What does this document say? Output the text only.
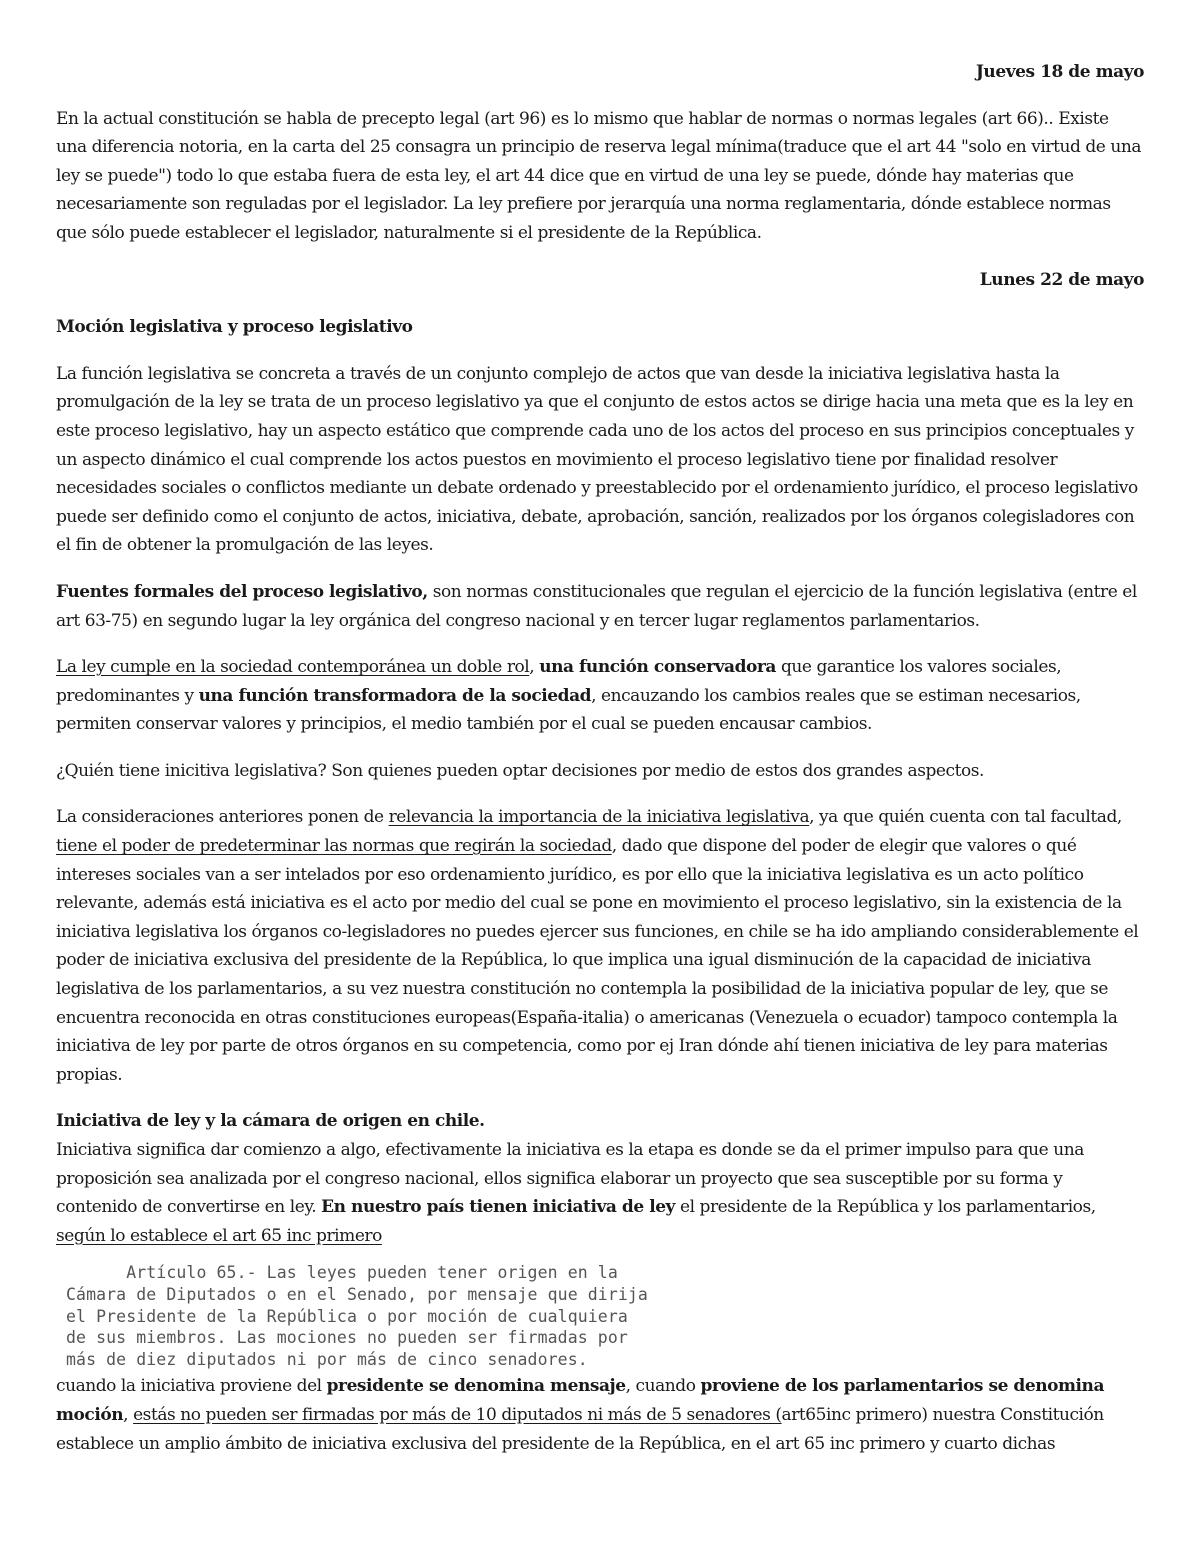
Jueves 18 de mayo

En la actual constitución se habla de precepto legal (art 96) es lo mismo que hablar de normas o normas legales (art 66).. Existe una diferencia notoria, en la carta del 25 consagra un principio de reserva legal mínima(traduce que el art 44 "solo en virtud de una ley se puede") todo lo que estaba fuera de esta ley, el art 44 dice que en virtud de una ley se puede, dónde hay materias que necesariamente son reguladas por el legislador. La ley prefiere por jerarquía una norma reglamentaria, dónde establece normas que sólo puede establecer el legislador, naturalmente si el presidente de la República.

Lunes 22 de mayo

Moción legislativa y proceso legislativo

La función legislativa se concreta a través de un conjunto complejo de actos que van desde la iniciativa legislativa hasta la promulgación de la ley se trata de un proceso legislativo ya que el conjunto de estos actos se dirige hacia una meta que es la ley en este proceso legislativo, hay un aspecto estático que comprende cada uno de los actos del proceso en sus principios conceptuales y un aspecto dinámico el cual comprende los actos puestos en movimiento el proceso legislativo tiene por finalidad resolver necesidades sociales o conflictos mediante un debate ordenado y preestablecido por el ordenamiento jurídico, el proceso legislativo puede ser definido como el conjunto de actos, iniciativa, debate, aprobación, sanción, realizados por los órganos colegisladores con el fin de obtener la promulgación de las leyes.

Fuentes formales del proceso legislativo, son normas constitucionales que regulan el ejercicio de la función legislativa (entre el art 63-75) en segundo lugar la ley orgánica del congreso nacional y en tercer lugar reglamentos parlamentarios.

La ley cumple en la sociedad contemporánea un doble rol, una función conservadora que garantice los valores sociales, predominantes y una función transformadora de la sociedad, encauzando los cambios reales que se estiman necesarios, permiten conservar valores y principios, el medio también por el cual se pueden encausar cambios.

¿Quién tiene inicitiva legislativa? Son quienes pueden optar decisiones por medio de estos dos grandes aspectos.

La consideraciones anteriores ponen de relevancia la importancia de la iniciativa legislativa, ya que quién cuenta con tal facultad, tiene el poder de predeterminar las normas que regirán la sociedad, dado que dispone del poder de elegir que valores o qué intereses sociales van a ser intelados por eso ordenamiento jurídico, es por ello que la iniciativa legislativa es un acto político relevante, además está iniciativa es el acto por medio del cual se pone en movimiento el proceso legislativo, sin la existencia de la iniciativa legislativa los órganos co-legisladores no puedes ejercer sus funciones, en chile se ha ido ampliando considerablemente el poder de iniciativa exclusiva del presidente de la República, lo que implica una igual disminución de la capacidad de iniciativa legislativa de los parlamentarios, a su vez nuestra constitución no contempla la posibilidad de la iniciativa popular de ley, que se encuentra reconocida en otras constituciones europeas(España-italia) o americanas (Venezuela o ecuador) tampoco contempla la iniciativa de ley por parte de otros órganos en su competencia, como por ej Iran dónde ahí tienen iniciativa de ley para materias propias.

Iniciativa de ley y la cámara de origen en chile.

Iniciativa significa dar comienzo a algo, efectivamente la iniciativa es la etapa es donde se da el primer impulso para que una proposición sea analizada por el congreso nacional, ellos significa elaborar un proyecto que sea susceptible por su forma y contenido de convertirse en ley. En nuestro país tienen iniciativa de ley el presidente de la República y los parlamentarios, según lo establece el art 65 inc primero

Artículo 65.- Las leyes pueden tener origen en la
Cámara de Diputados o en el Senado, por mensaje que dirija
el Presidente de la República o por moción de cualquiera
de sus miembros. Las mociones no pueden ser firmadas por
más de diez diputados ni por más de cinco senadores.

cuando la iniciativa proviene del presidente se denomina mensaje, cuando proviene de los parlamentarios se denomina moción, estás no pueden ser firmadas por más de 10 diputados ni más de 5 senadores (art65inc primero) nuestra Constitución establece un amplio ámbito de iniciativa exclusiva del presidente de la República, en el art 65 inc primero y cuarto dichas
